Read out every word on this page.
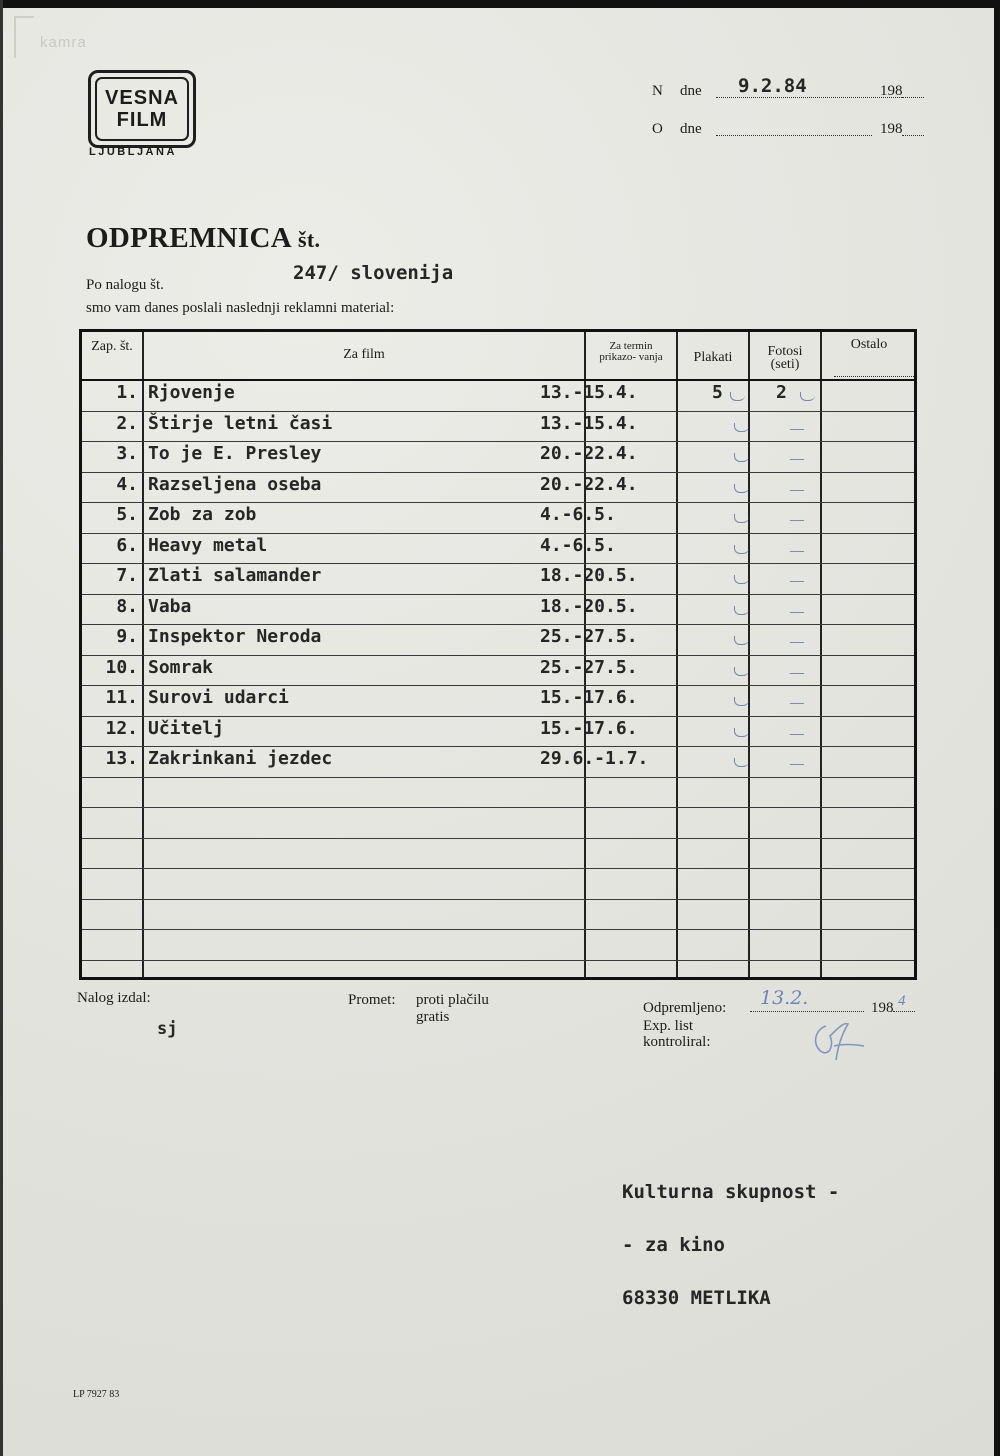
kamra
VESNA
FILM
LJUBLJANA
N dne 9.2.84	198
O dne	198
ODPREMNICA št.
Po nalogu št.
247/ slovenija
smo vam danes poslali naslednji reklamni material:
Zap. št.
Za film
Za termin prikazo- vanja	Plakati	Fotosi (seti)
Ostalo
1. Rjovenje	13.-15.4.	5	2
2. Štirje letni časi	13.-15.4.
3. To je E. Presley	20.-22.4.
4. Razseljena oseba	20.-22.4.
5. Zob za zob	4.-6.5.
6. Heavy metal	4.-6.5.
7. Zlati salamander	18.-20.5.
8. Vaba	18.-20.5.
9. Inspektor Neroda	25.-27.5.
10. Somrak	25.-27.5.
11. Surovi udarci	15.-17.6.
12. Učitelj	15.-17.6.
13. Zakrinkani jezdec	29.6.-1.7.
Nalog izdal:
sj
Promet: proti plačilu
gratis
Odpremljeno: 13.2.	198 4
Exp. list
kontroliral:
Kulturna skupnost -
- za kino
68330 METLIKA
LP 7927 83
